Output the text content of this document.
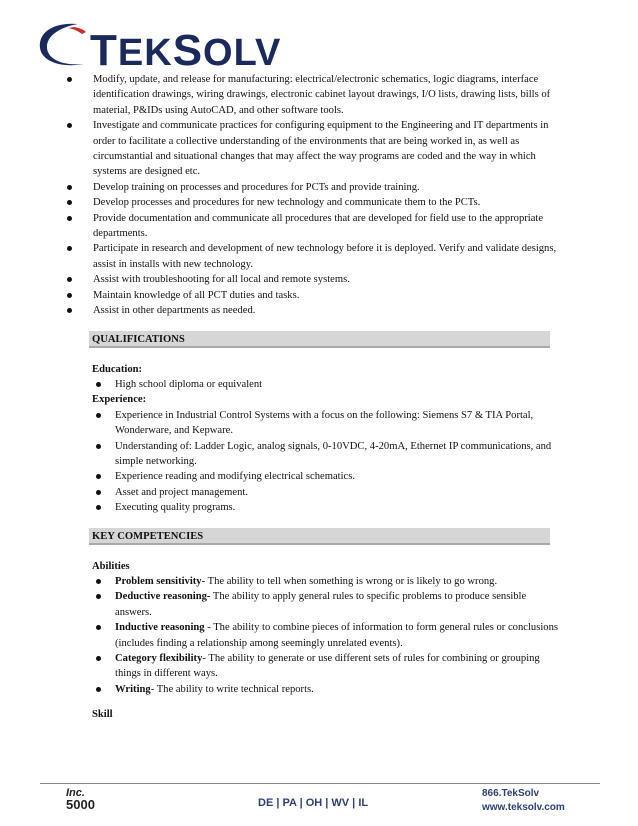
TEKSOLV
Modify, update, and release for manufacturing: electrical/electronic schematics, logic diagrams, interface identification drawings, wiring drawings, electronic cabinet layout drawings, I/O lists, drawing lists, bills of material, P&IDs using AutoCAD, and other software tools.
Investigate and communicate practices for configuring equipment to the Engineering and IT departments in order to facilitate a collective understanding of the environments that are being worked in, as well as circumstantial and situational changes that may affect the way programs are coded and the way in which systems are designed etc.
Develop training on processes and procedures for PCTs and provide training.
Develop processes and procedures for new technology and communicate them to the PCTs.
Provide documentation and communicate all procedures that are developed for field use to the appropriate departments.
Participate in research and development of new technology before it is deployed. Verify and validate designs, assist in installs with new technology.
Assist with troubleshooting for all local and remote systems.
Maintain knowledge of all PCT duties and tasks.
Assist in other departments as needed.
QUALIFICATIONS
Education:
High school diploma or equivalent
Experience:
Experience in Industrial Control Systems with a focus on the following: Siemens S7 & TIA Portal, Wonderware, and Kepware.
Understanding of: Ladder Logic, analog signals, 0-10VDC, 4-20mA, Ethernet IP communications, and simple networking.
Experience reading and modifying electrical schematics.
Asset and project management.
Executing quality programs.
KEY COMPETENCIES
Abilities
Problem sensitivity- The ability to tell when something is wrong or is likely to go wrong.
Deductive reasoning- The ability to apply general rules to specific problems to produce sensible answers.
Inductive reasoning - The ability to combine pieces of information to form general rules or conclusions (includes finding a relationship among seemingly unrelated events).
Category flexibility- The ability to generate or use different sets of rules for combining or grouping things in different ways.
Writing- The ability to write technical reports.
Skill
Inc.
5000	DE | PA | OH | WV | IL
866.TekSolv
www.teksolv.com
